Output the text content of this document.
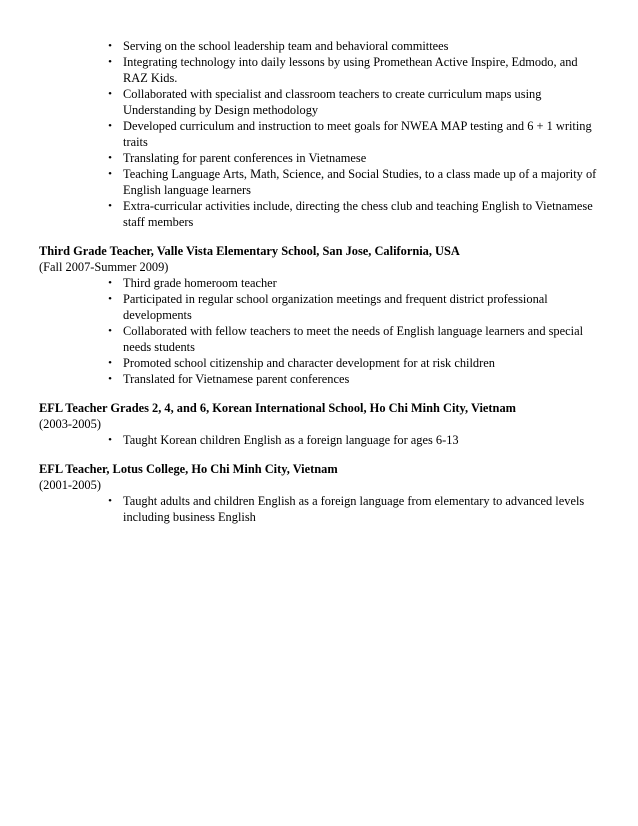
• Serving on the school leadership team and behavioral committees
• Integrating technology into daily lessons by using Promethean Active Inspire, Edmodo, and RAZ Kids.
• Collaborated with specialist and classroom teachers to create curriculum maps using Understanding by Design methodology
• Developed curriculum and instruction to meet goals for NWEA MAP testing and 6 + 1 writing traits
• Translating for parent conferences in Vietnamese
• Teaching Language Arts, Math, Science, and Social Studies, to a class made up of a majority of English language learners
• Extra-curricular activities include, directing the chess club and teaching English to Vietnamese staff members
Third Grade Teacher, Valle Vista Elementary School, San Jose, California, USA
(Fall 2007-Summer 2009)
• Third grade homeroom teacher
• Participated in regular school organization meetings and frequent district professional developments
• Collaborated with fellow teachers to meet the needs of English language learners and special needs students
• Promoted school citizenship and character development for at risk children
• Translated for Vietnamese parent conferences
EFL Teacher Grades 2, 4, and 6, Korean International School, Ho Chi Minh City, Vietnam
(2003-2005)
• Taught Korean children English as a foreign language for ages 6-13
EFL Teacher, Lotus College, Ho Chi Minh City, Vietnam
(2001-2005)
• Taught adults and children English as a foreign language from elementary to advanced levels including business English
